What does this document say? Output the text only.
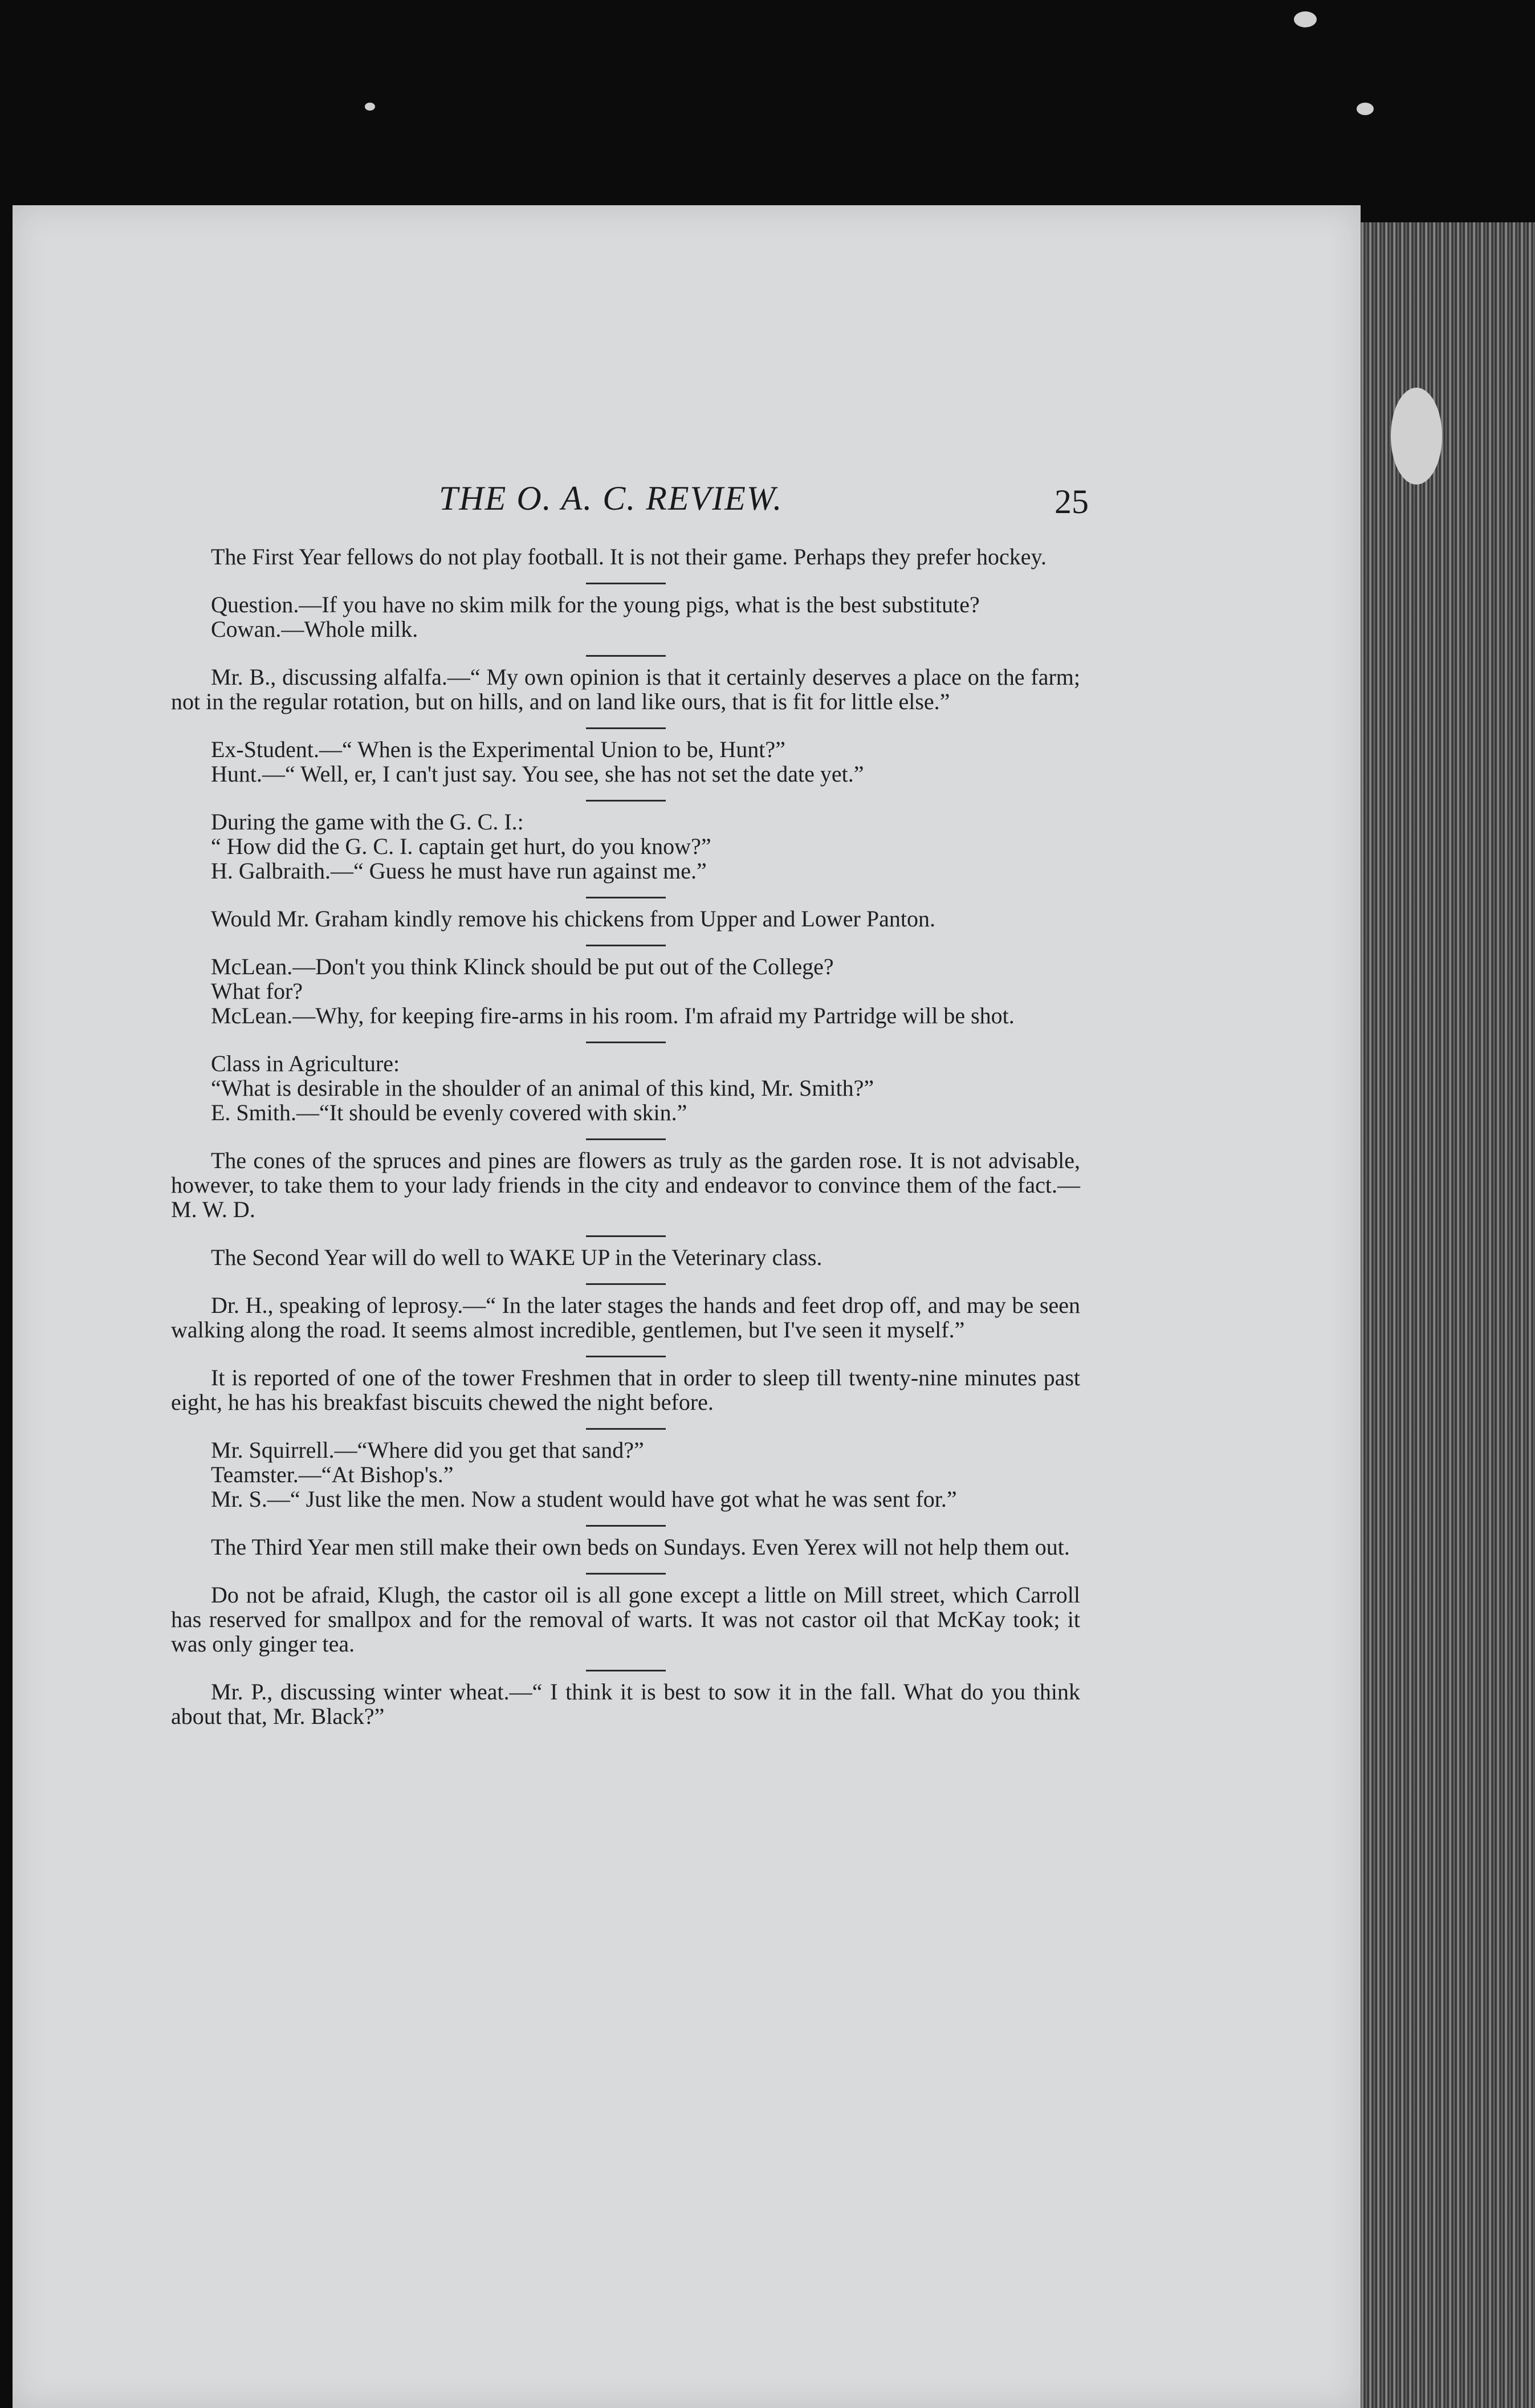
THE O. A. C. REVIEW.	25

The First Year fellows do not play football. It is not their game. Perhaps they prefer hockey.

Question.—If you have no skim milk for the young pigs, what is the best substitute?

Cowan.—Whole milk.

Mr. B., discussing alfalfa.—“ My own opinion is that it certainly deserves a place on the farm; not in the regular rotation, but on hills, and on land like ours, that is fit for little else.”

Ex-Student.—“ When is the Experimental Union to be, Hunt?”

Hunt.—“ Well, er, I can't just say. You see, she has not set the date yet.”

During the game with the G. C. I.:

“ How did the G. C. I. captain get hurt, do you know?”

H. Galbraith.—“ Guess he must have run against me.”

Would Mr. Graham kindly remove his chickens from Upper and Lower Panton.

McLean.—Don't you think Klinck should be put out of the College?

What for?

McLean.—Why, for keeping fire-arms in his room. I'm afraid my Partridge will be shot.

Class in Agriculture:

“What is desirable in the shoulder of an animal of this kind, Mr. Smith?”

E. Smith.—“It should be evenly covered with skin.”

The cones of the spruces and pines are flowers as truly as the garden rose. It is not advisable, however, to take them to your lady friends in the city and endeavor to convince them of the fact.—M. W. D.

The Second Year will do well to WAKE UP in the Veterinary class.

Dr. H., speaking of leprosy.—“ In the later stages the hands and feet drop off, and may be seen walking along the road. It seems almost incredible, gentlemen, but I've seen it myself.”

It is reported of one of the tower Freshmen that in order to sleep till twenty-nine minutes past eight, he has his breakfast biscuits chewed the night before.

Mr. Squirrell.—“Where did you get that sand?”

Teamster.—“At Bishop's.”

Mr. S.—“ Just like the men. Now a student would have got what he was sent for.”

The Third Year men still make their own beds on Sundays. Even Yerex will not help them out.

Do not be afraid, Klugh, the castor oil is all gone except a little on Mill street, which Carroll has reserved for smallpox and for the removal of warts. It was not castor oil that McKay took; it was only ginger tea.

Mr. P., discussing winter wheat.—“ I think it is best to sow it in the fall. What do you think about that, Mr. Black?”
